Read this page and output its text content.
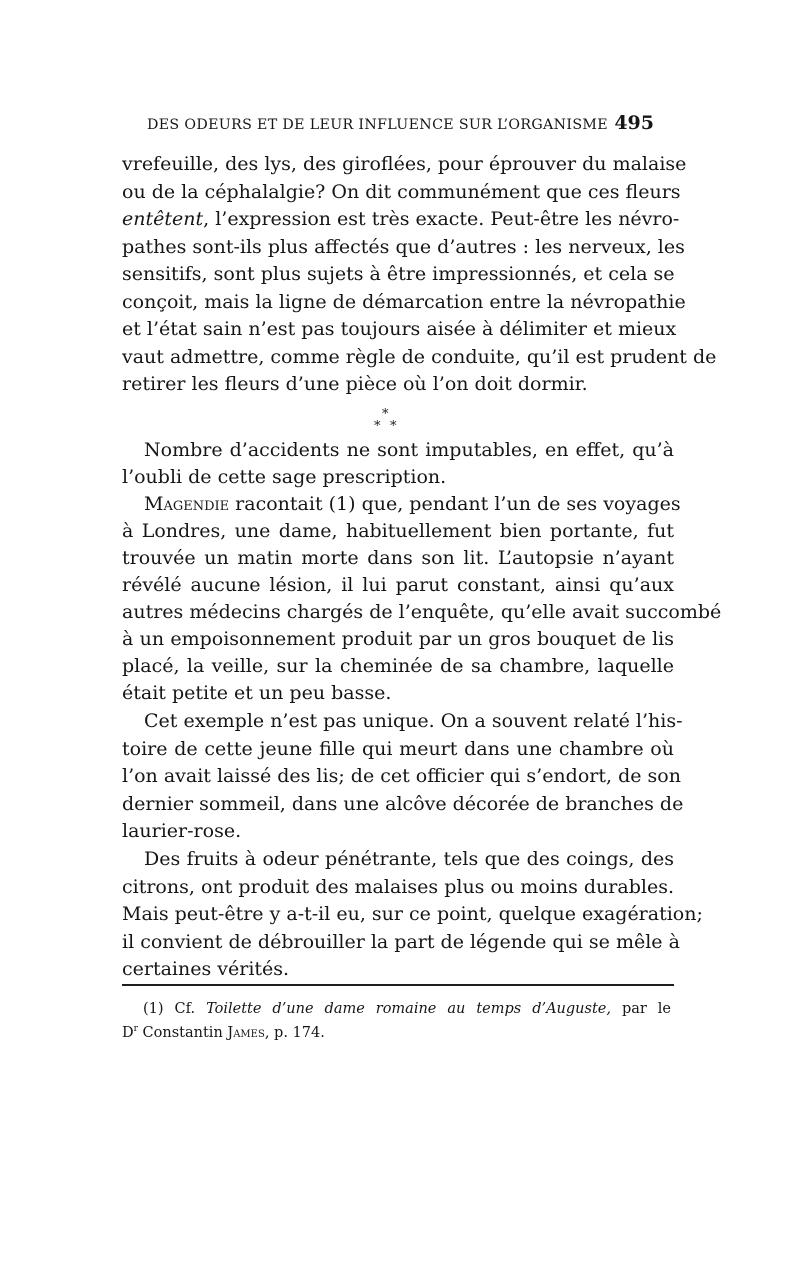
DES ODEURS ET DE LEUR INFLUENCE SUR L’ORGANISME 495
vrefeuille, des lys, des giroflées, pour éprouver du malaise
ou de la céphalalgie? On dit communément que ces fleurs
entêtent, l’expression est très exacte. Peut-être les névro-
pathes sont-ils plus affectés que d’autres : les nerveux, les
sensitifs, sont plus sujets à être impressionnés, et cela se
conçoit, mais la ligne de démarcation entre la névropathie
et l’état sain n’est pas toujours aisée à délimiter et mieux
vaut admettre, comme règle de conduite, qu’il est prudent de
retirer les fleurs d’une pièce où l’on doit dormir.
*
* *
Nombre d’accidents ne sont imputables, en effet, qu’à
l’oubli de cette sage prescription.
Magendie racontait (1) que, pendant l’un de ses voyages
à Londres, une dame, habituellement bien portante, fut
trouvée un matin morte dans son lit. L’autopsie n’ayant
révélé aucune lésion, il lui parut constant, ainsi qu’aux
autres médecins chargés de l’enquête, qu’elle avait succombé
à un empoisonnement produit par un gros bouquet de lis
placé, la veille, sur la cheminée de sa chambre, laquelle
était petite et un peu basse.
Cet exemple n’est pas unique. On a souvent relaté l’his-
toire de cette jeune fille qui meurt dans une chambre où
l’on avait laissé des lis; de cet officier qui s’endort, de son
dernier sommeil, dans une alcôve décorée de branches de
laurier-rose.
Des fruits à odeur pénétrante, tels que des coings, des
citrons, ont produit des malaises plus ou moins durables.
Mais peut-être y a-t-il eu, sur ce point, quelque exagération;
il convient de débrouiller la part de légende qui se mêle à
certaines vérités.
(1) Cf. Toilette d’une dame romaine au temps d’Auguste, par le
$D^r$ Constantin James, p. 174.
